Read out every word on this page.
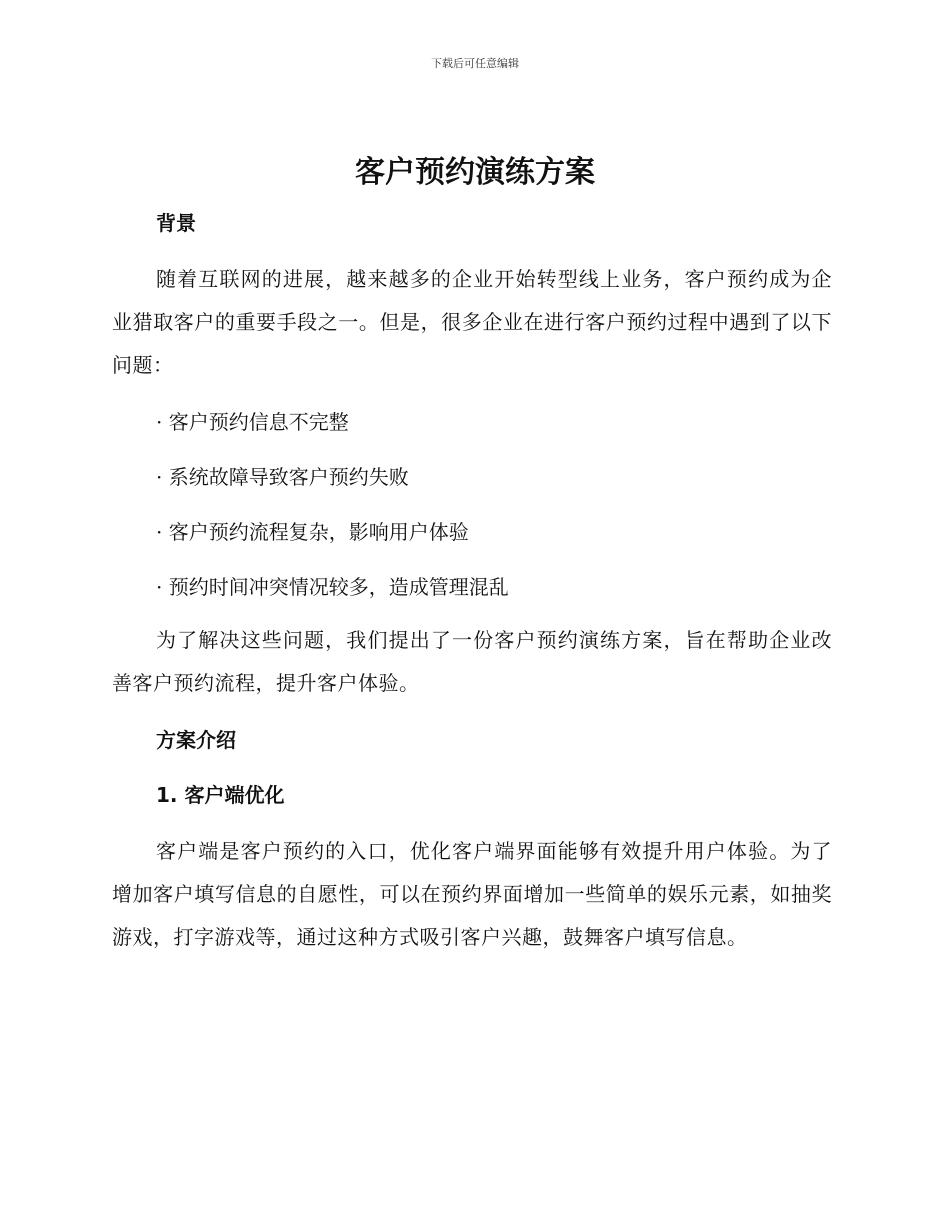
下载后可任意编辑
客户预约演练方案
背景

随着互联网的进展，越来越多的企业开始转型线上业务，客户预约成为企业猎取客户的重要手段之一。但是，很多企业在进行客户预约过程中遇到了以下问题：

· 客户预约信息不完整

· 系统故障导致客户预约失败

· 客户预约流程复杂，影响用户体验

· 预约时间冲突情况较多，造成管理混乱

为了解决这些问题，我们提出了一份客户预约演练方案，旨在帮助企业改善客户预约流程，提升客户体验。

方案介绍
1. 客户端优化

客户端是客户预约的入口，优化客户端界面能够有效提升用户体验。为了增加客户填写信息的自愿性，可以在预约界面增加一些简单的娱乐元素，如抽奖游戏，打字游戏等，通过这种方式吸引客户兴趣，鼓舞客户填写信息。
